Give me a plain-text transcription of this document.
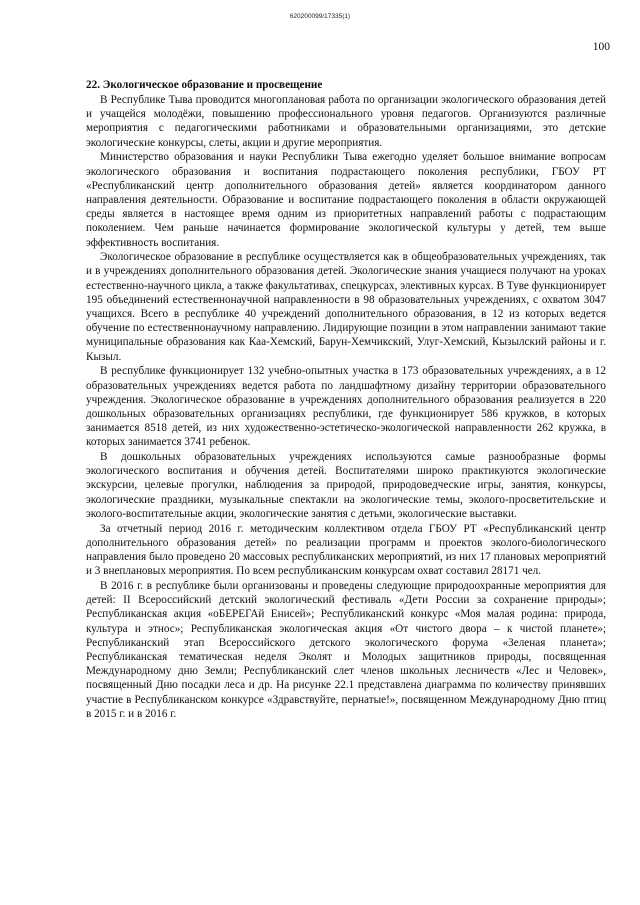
620200099/17335(1)
100
22. Экологическое образование и просвещение

В Республике Тыва проводится многоплановая работа по организации экологического образования детей и учащейся молодёжи, повышению профессионального уровня педагогов. Организуются различные мероприятия с педагогическими работниками и образовательными организациями, это детские экологические конкурсы, слеты, акции и другие мероприятия.

Министерство образования и науки Республики Тыва ежегодно уделяет большое внимание вопросам экологического образования и воспитания подрастающего поколения республики, ГБОУ РТ «Республиканский центр дополнительного образования детей» является координатором данного направления деятельности. Образование и воспитание подрастающего поколения в области окружающей среды является в настоящее время одним из приоритетных направлений работы с подрастающим поколением. Чем раньше начинается формирование экологической культуры у детей, тем выше эффективность воспитания.

Экологическое образование в республике осуществляется как в общеобразовательных учреждениях, так и в учреждениях дополнительного образования детей. Экологические знания учащиеся получают на уроках естественно-научного цикла, а также факультативах, спецкурсах, элективных курсах. В Туве функционирует 195 объединений естественнонаучной направленности в 98 образовательных учреждениях, с охватом 3047 учащихся. Всего в республике 40 учреждений дополнительного образования, в 12 из которых ведется обучение по естественнонаучному направлению. Лидирующие позиции в этом направлении занимают такие муниципальные образования как Каа-Хемский, Барун-Хемчикский, Улуг-Хемский, Кызылский районы и г. Кызыл.

В республике функционирует 132 учебно-опытных участка в 173 образовательных учреждениях, а в 12 образовательных учреждениях ведется работа по ландшафтному дизайну территории образовательного учреждения. Экологическое образование в учреждениях дополнительного образования реализуется в 220 дошкольных образовательных организациях республики, где функционирует 586 кружков, в которых занимается 8518 детей, из них художественно-эстетическо-экологической направленности 262 кружка, в которых занимается 3741 ребенок.

В дошкольных образовательных учреждениях используются самые разнообразные формы экологического воспитания и обучения детей. Воспитателями широко практикуются экологические экскурсии, целевые прогулки, наблюдения за природой, природоведческие игры, занятия, конкурсы, экологические праздники, музыкальные спектакли на экологические темы, эколого-просветительские и эколого-воспитательные акции, экологические занятия с детьми, экологические выставки.

За отчетный период 2016 г. методическим коллективом отдела ГБОУ РТ «Республиканский центр дополнительного образования детей» по реализации программ и проектов эколого-биологического направления было проведено 20 массовых республиканских мероприятий, из них 17 плановых мероприятий и 3 внеплановых мероприятия. По всем республиканским конкурсам охват составил 28171 чел.

В 2016 г. в республике были организованы и проведены следующие природоохранные мероприятия для детей: II Всероссийский детский экологический фестиваль «Дети России за сохранение природы»; Республиканская акция «оБЕРЕГАй Енисей»; Республиканский конкурс «Моя малая родина: природа, культура и этнос»; Республиканская экологическая акция «От чистого двора – к чистой планете»; Республиканский этап Всероссийского детского экологического форума «Зеленая планета»; Республиканская тематическая неделя Эколят и Молодых защитников природы, посвященная Международному дню Земли; Республиканский слет членов школьных лесничеств «Лес и Человек», посвященный Дню посадки леса и др. На рисунке 22.1 представлена диаграмма по количеству принявших участие в Республиканском конкурсе «Здравствуйте, пернатые!», посвященном Международному Дню птиц в 2015 г. и в 2016 г.
